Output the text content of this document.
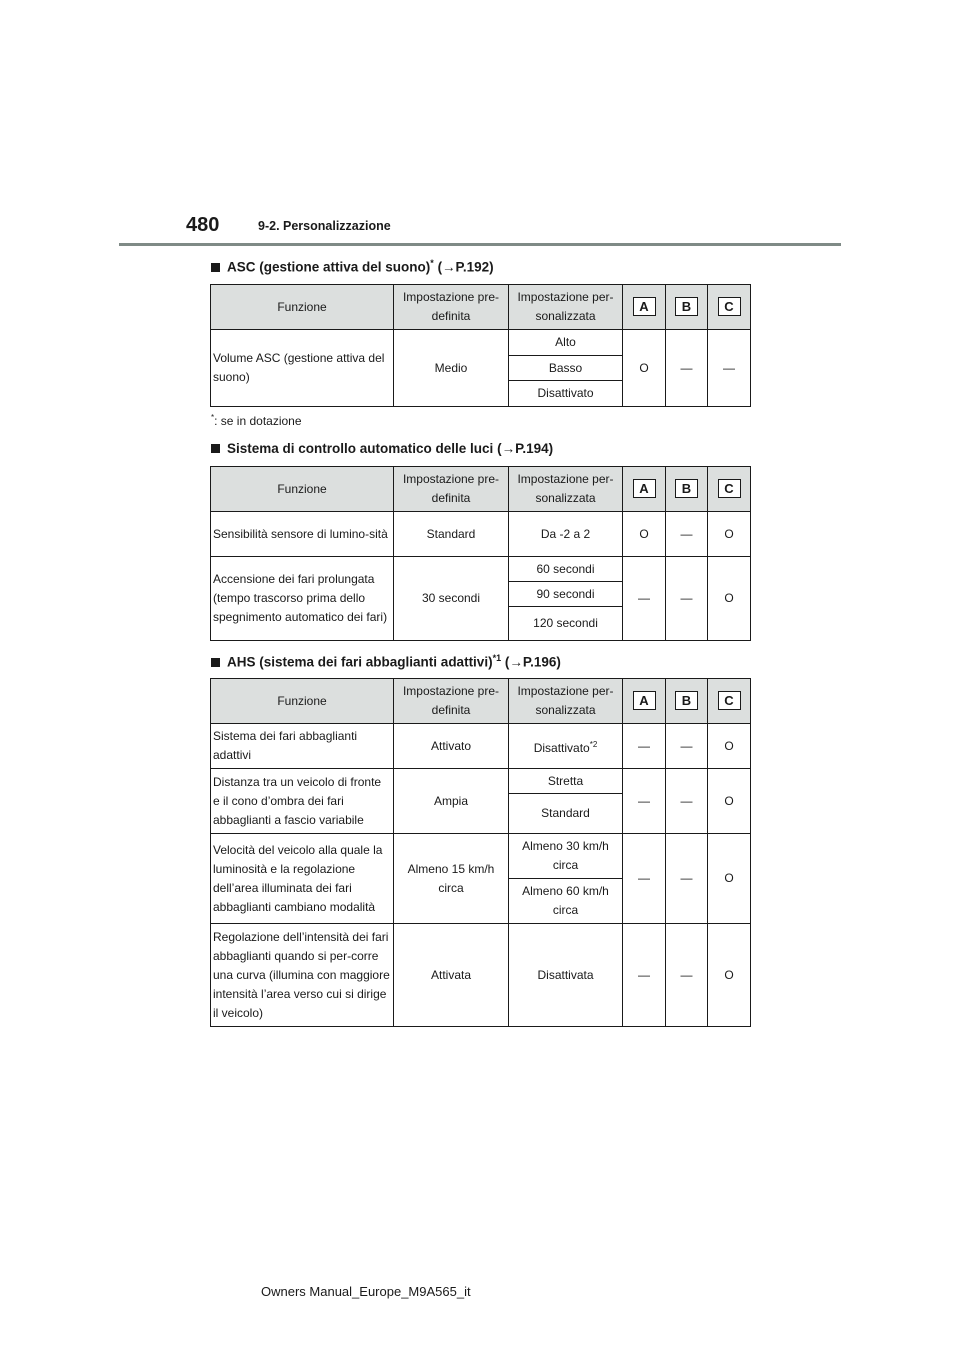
480	9-2. Personalizzazione
ASC (gestione attiva del suono)* (→P.192)
Funzione	Impostazione pre-definita	Impostazione per-sonalizzata	A	B	C
Volume ASC (gestione attiva del suono)	Medio	Alto	O	—	—
		Basso			
		Disattivato			
*: se in dotazione
Sistema di controllo automatico delle luci (→P.194)
Funzione	Impostazione pre-definita	Impostazione per-sonalizzata	A	B	C
Sensibilità sensore di lumino-sità	Standard	Da -2 a 2	O	—	O
Accensione dei fari prolungata (tempo trascorso prima dello spegnimento automatico dei fari)	30 secondi	60 secondi	—	—	O
		90 secondi			
		120 secondi			
AHS (sistema dei fari abbaglianti adattivi)$^{*1}$ (→P.196)
Funzione	Impostazione pre-definita	Impostazione per-sonalizzata	A	B	C
Sistema dei fari abbaglianti adattivi	Attivato	Disattivato$^{*2}$	—	—	O
Distanza tra un veicolo di fronte e il cono d’ombra dei fari abbaglianti a fascio variabile	Ampia	Stretta	—	—	O
		Standard			
Velocità del veicolo alla quale la luminosità e la regolazione dell’area illuminata dei fari abbaglianti cambiano modalità	Almeno 15 km/h circa	Almeno 30 km/h circa	—	—	O
		Almeno 60 km/h circa			
Regolazione dell’intensità dei fari abbaglianti quando si per-corre una curva (illumina con maggiore intensità l’area verso cui si dirige il veicolo)	Attivata	Disattivata	—	—	O
Owners Manual_Europe_M9A565_it
